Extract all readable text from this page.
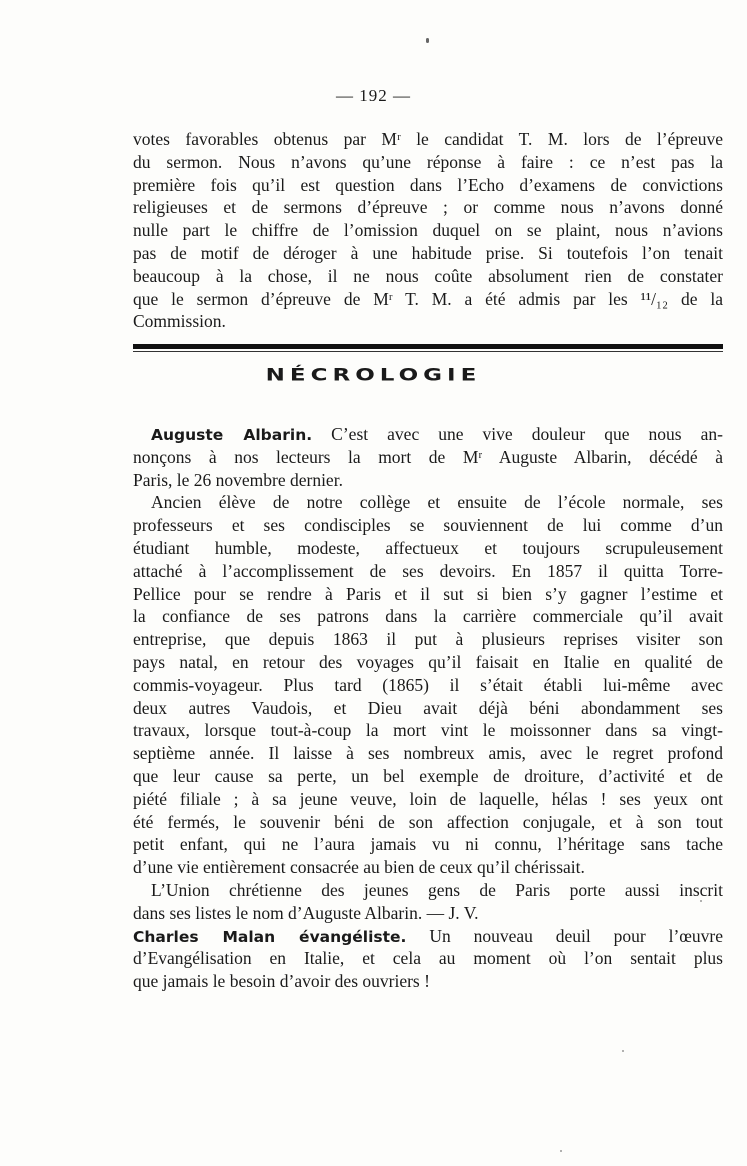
— 192 —
votes favorables obtenus par Mʳ le candidat T. M. lors de l’épreuve
du sermon. Nous n’avons qu’une réponse à faire : ce n’est pas la
première fois qu’il est question dans l’Echo d’examens de convictions
religieuses et de sermons d’épreuve ; or comme nous n’avons donné
nulle part le chiffre de l’omission duquel on se plaint, nous n’avions
pas de motif de déroger à une habitude prise. Si toutefois l’on tenait
beaucoup à la chose, il ne nous coûte absolument rien de constater
que le sermon d’épreuve de Mʳ T. M. a été admis par les ¹¹/₁₂ de la
Commission.
NÉCROLOGIE
Auguste Albarin. C’est avec une vive douleur que nous an-
nonçons à nos lecteurs la mort de Mʳ Auguste Albarin, décédé à
Paris, le 26 novembre dernier.
Ancien élève de notre collège et ensuite de l’école normale, ses
professeurs et ses condisciples se souviennent de lui comme d’un
étudiant humble, modeste, affectueux et toujours scrupuleusement
attaché à l’accomplissement de ses devoirs. En 1857 il quitta Torre-
Pellice pour se rendre à Paris et il sut si bien s’y gagner l’estime et
la confiance de ses patrons dans la carrière commerciale qu’il avait
entreprise, que depuis 1863 il put à plusieurs reprises visiter son
pays natal, en retour des voyages qu’il faisait en Italie en qualité de
commis-voyageur. Plus tard (1865) il s’était établi lui-même avec
deux autres Vaudois, et Dieu avait déjà béni abondamment ses
travaux, lorsque tout-à-coup la mort vint le moissonner dans sa vingt-
septième année. Il laisse à ses nombreux amis, avec le regret profond
que leur cause sa perte, un bel exemple de droiture, d’activité et de
piété filiale ; à sa jeune veuve, loin de laquelle, hélas ! ses yeux ont
été fermés, le souvenir béni de son affection conjugale, et à son tout
petit enfant, qui ne l’aura jamais vu ni connu, l’héritage sans tache
d’une vie entièrement consacrée au bien de ceux qu’il chérissait.
L’Union chrétienne des jeunes gens de Paris porte aussi inscrit
dans ses listes le nom d’Auguste Albarin. — J. V.
Charles Malan évangéliste. Un nouveau deuil pour l’œuvre
d’Evangélisation en Italie, et cela au moment où l’on sentait plus
que jamais le besoin d’avoir des ouvriers !
